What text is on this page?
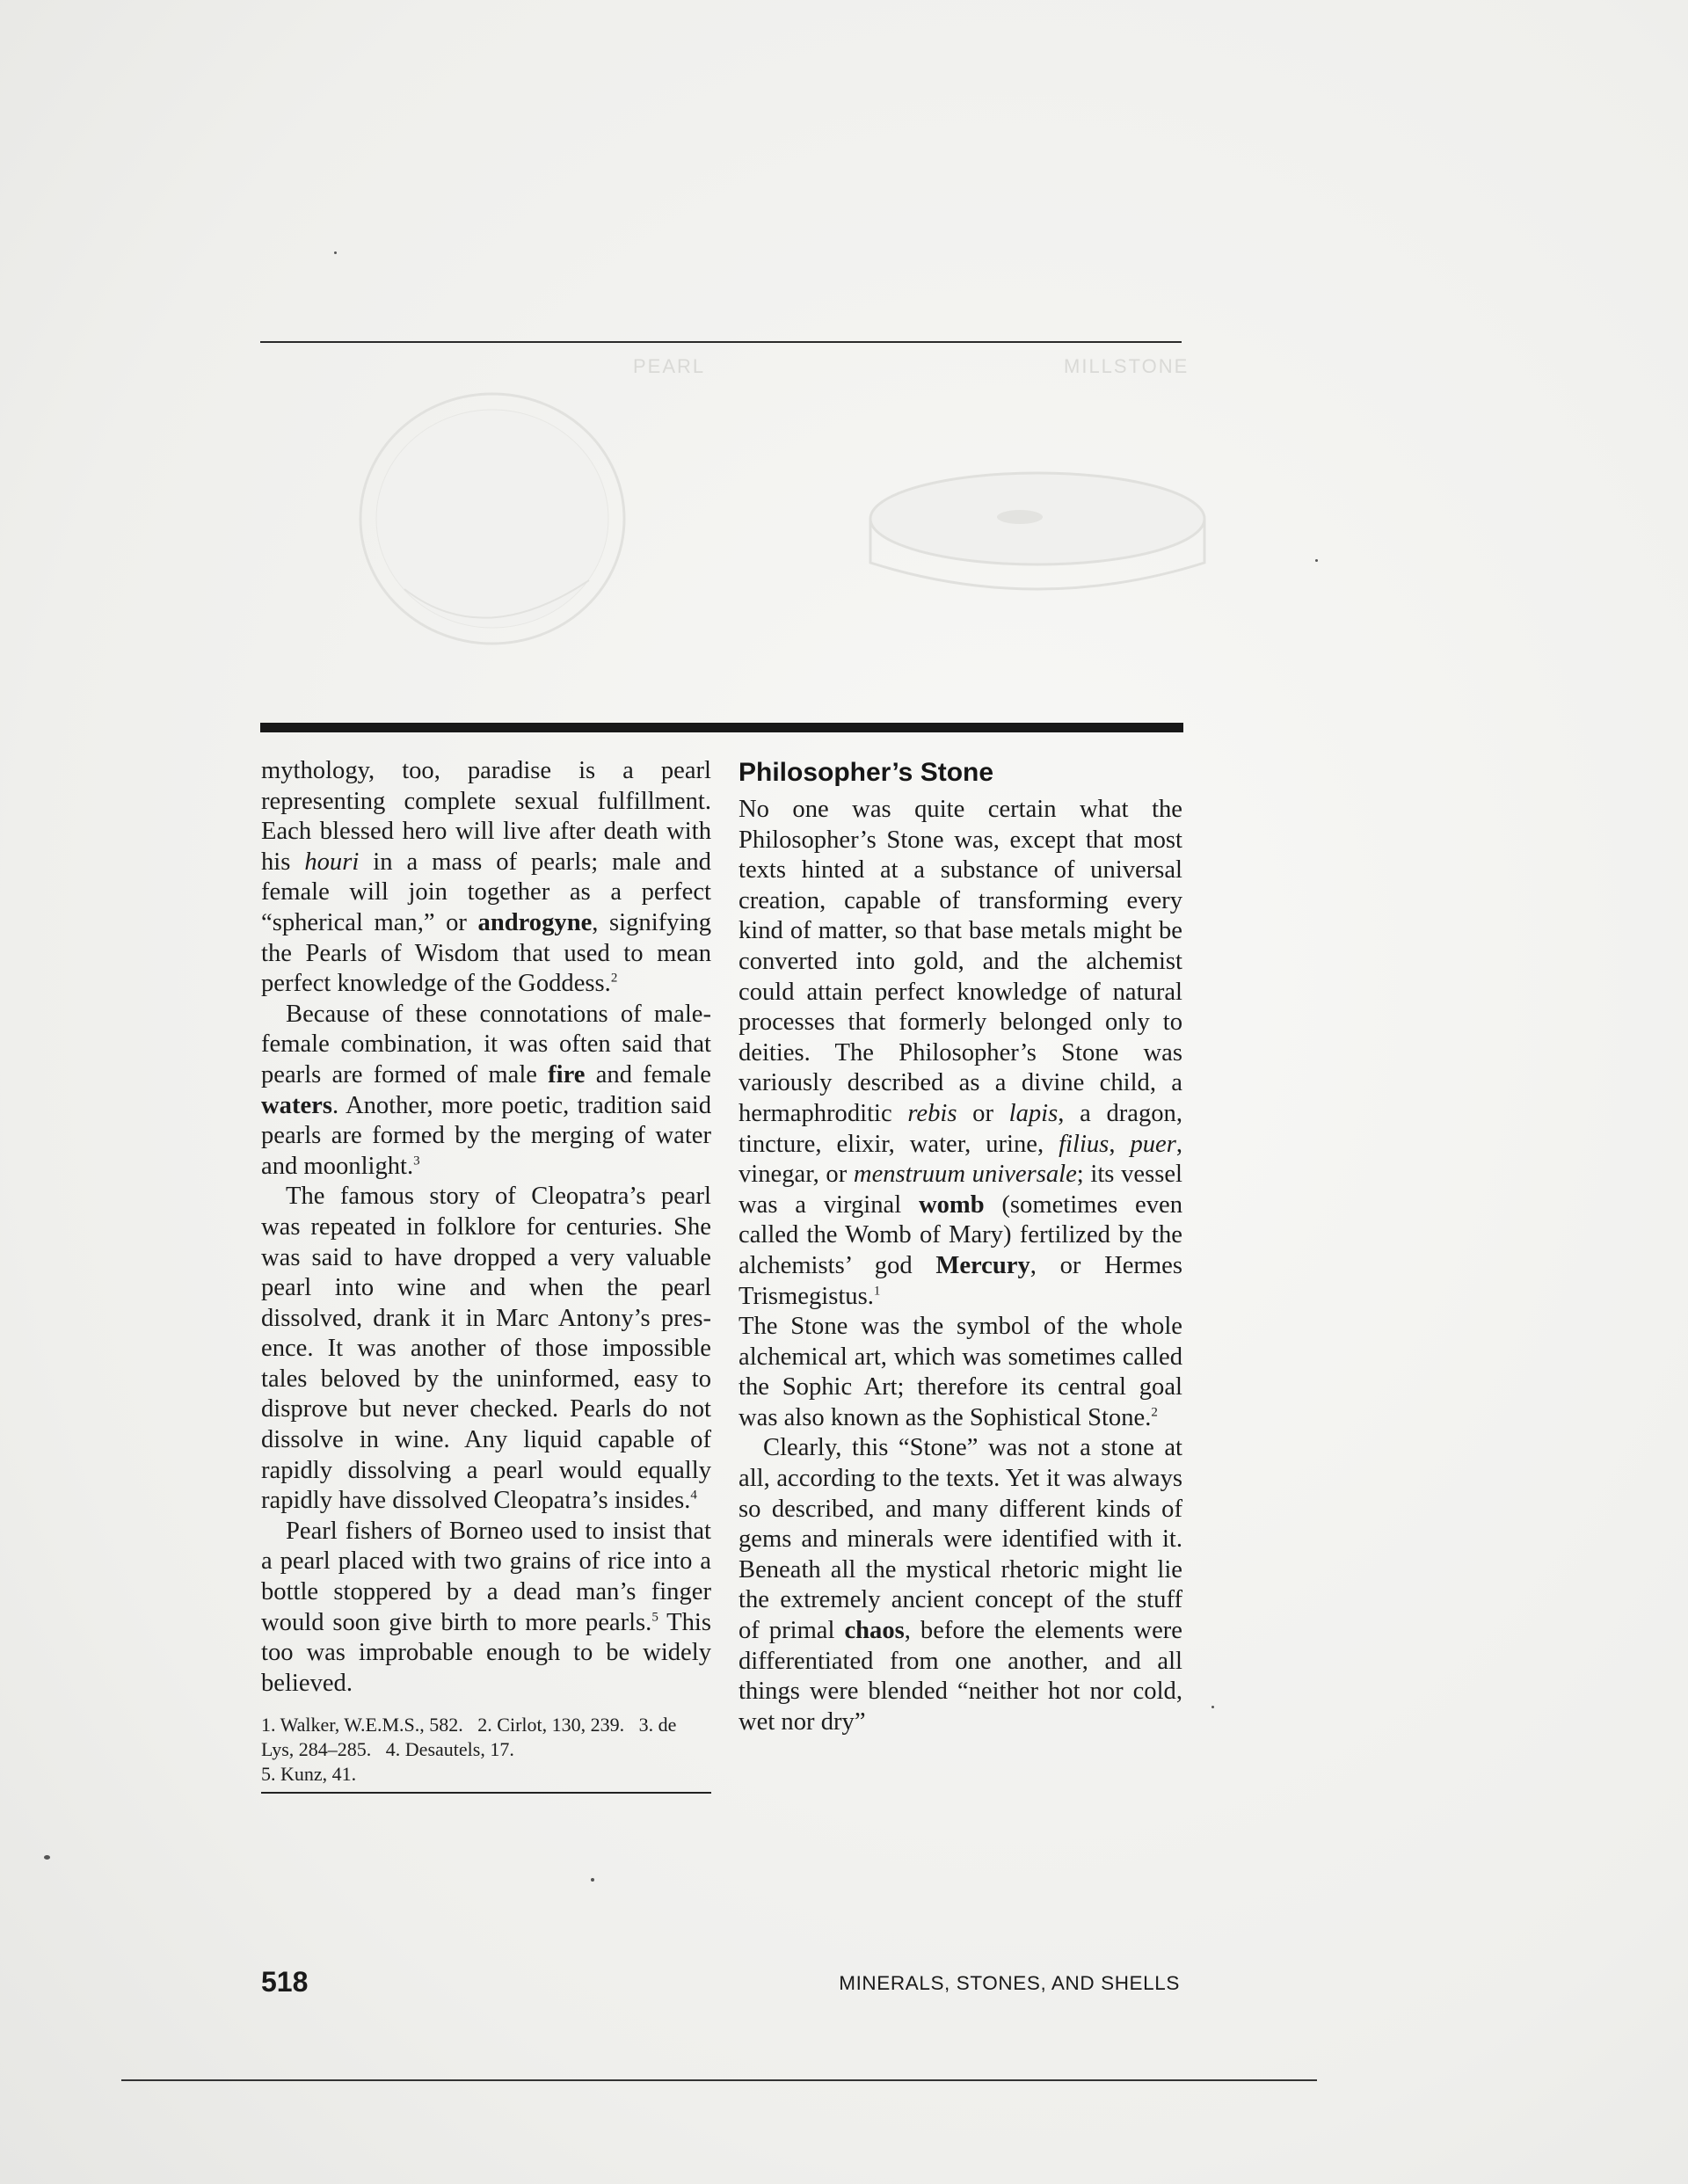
PEARL	MILLSTONE

mythology, too, paradise is a pearl representing complete sexual fulfillment. Each blessed hero will live after death with his houri in a mass of pearls; male and female will join together as a perfect “spherical man,” or androgyne, signifying the Pearls of Wisdom that used to mean perfect knowledge of the Goddess.$^2$

Because of these connotations of male-female combination, it was often said that pearls are formed of male fire and female waters. Another, more poetic, tradition said pearls are formed by the merging of water and moonlight.$^3$

The famous story of Cleopatra’s pearl was repeated in folklore for centuries. She was said to have dropped a very valuable pearl into wine and when the pearl dissolved, drank it in Marc Antony’s presence. It was another of those impossible tales beloved by the uninformed, easy to disprove but never checked. Pearls do not dissolve in wine. Any liquid capable of rapidly dissolving a pearl would equally rapidly have dissolved Cleopatra’s insides.$^4$

Pearl fishers of Borneo used to insist that a pearl placed with two grains of rice into a bottle stoppered by a dead man’s finger would soon give birth to more pearls.$^5$ This too was improbable enough to be widely believed.

1. Walker, W.E.M.S., 582. 2. Cirlot, 130, 239. 3. de Lys, 284–285. 4. Desautels, 17.
5. Kunz, 41.
Philosopher’s Stone

No one was quite certain what the Philosopher’s Stone was, except that most texts hinted at a substance of universal creation, capable of transforming every kind of matter, so that base metals might be converted into gold, and the alchemist could attain perfect knowledge of natural processes that formerly belonged only to deities. The Philosopher’s Stone was variously described as a divine child, a hermaphroditic rebis or lapis, a dragon, tincture, elixir, water, urine, filius, puer, vinegar, or menstruum universale; its vessel was a virginal womb (sometimes even called the Womb of Mary) fertilized by the alchemists’ god Mercury, or Hermes Trismegistus.$^1$

The Stone was the symbol of the whole alchemical art, which was sometimes called the Sophic Art; therefore its central goal was also known as the Sophistical Stone.$^2$

Clearly, this “Stone” was not a stone at all, according to the texts. Yet it was always so described, and many different kinds of gems and minerals were identified with it. Beneath all the mystical rhetoric might lie the extremely ancient concept of the stuff of primal chaos, before the elements were differentiated from one another, and all things were blended “neither hot nor cold, wet nor dry”

518	MINERALS, STONES, AND SHELLS
